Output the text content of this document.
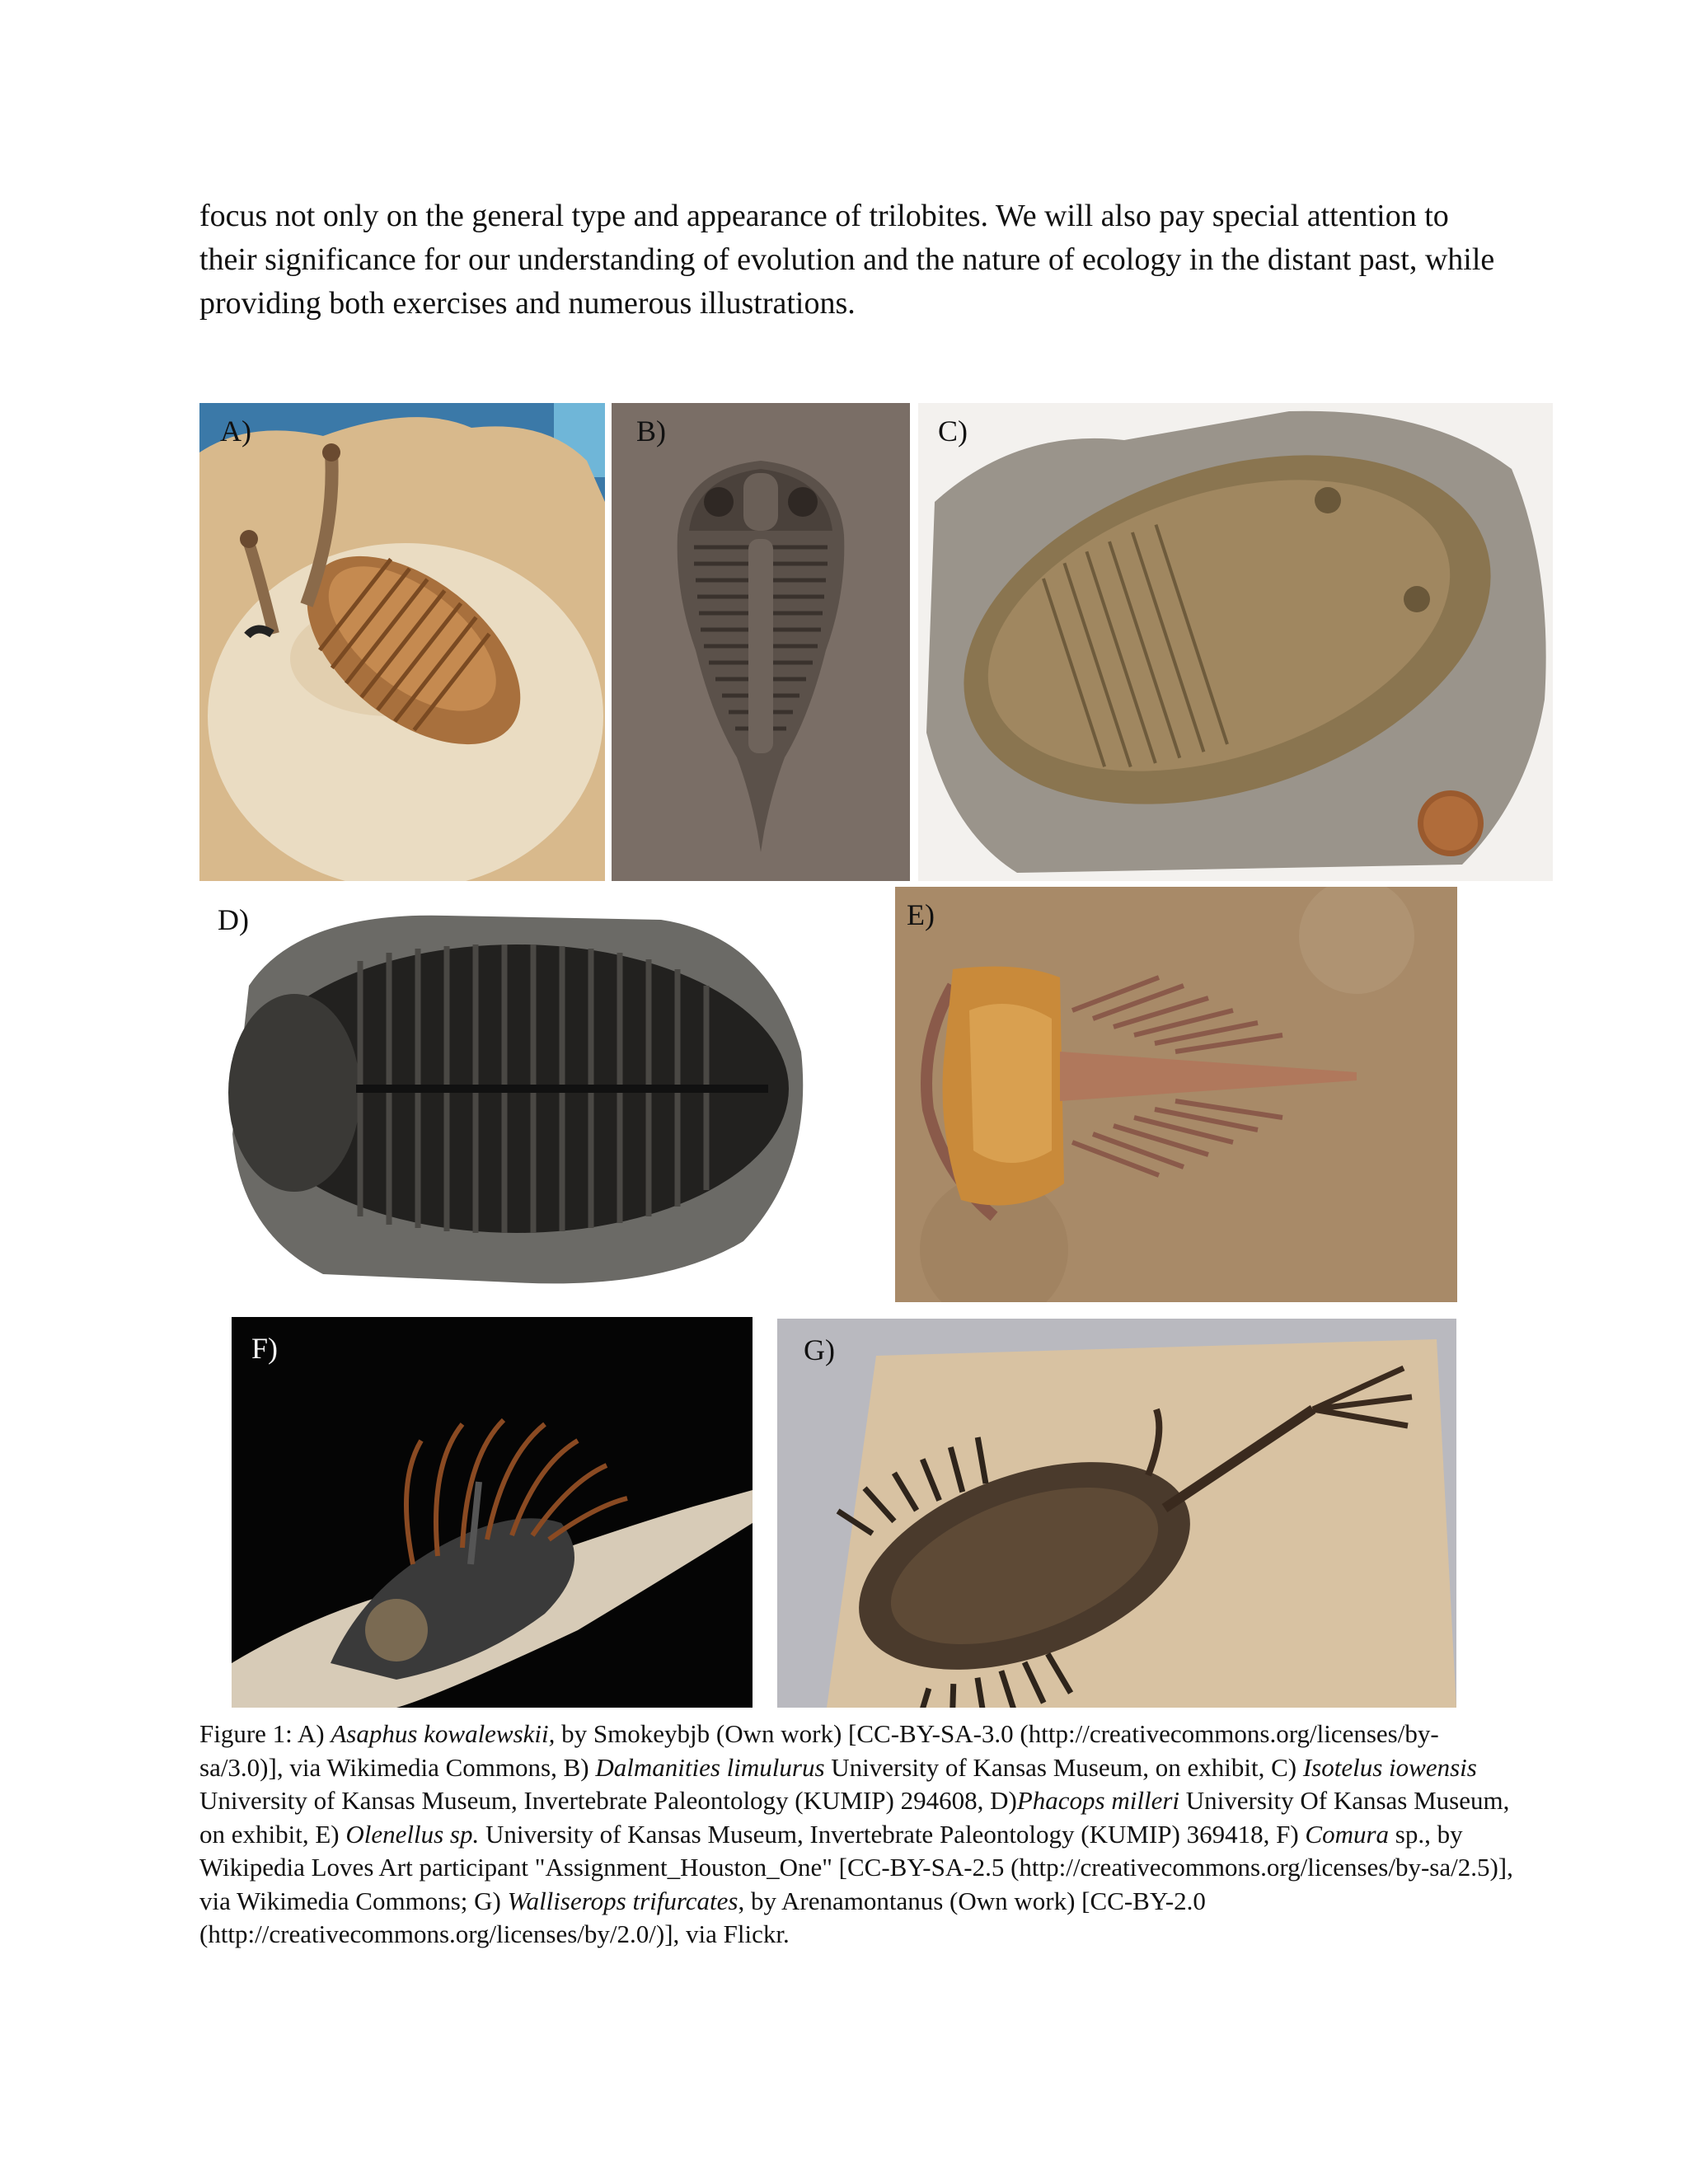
focus not only on the general type and appearance of trilobites. We will also pay special attention to their significance for our understanding of evolution and the nature of ecology in the distant past, while providing both exercises and numerous illustrations.

A)	B)	C)
D)	E)
F)	G)

Figure 1: A) Asaphus kowalewskii, by Smokeybjb (Own work) [CC-BY-SA-3.0 (http://creativecommons.org/licenses/by-sa/3.0)], via Wikimedia Commons, B) Dalmanities limulurus University of Kansas Museum, on exhibit, C) Isotelus iowensis University of Kansas Museum, Invertebrate Paleontology (KUMIP) 294608, D)Phacops milleri University Of Kansas Museum, on exhibit, E) Olenellus sp. University of Kansas Museum, Invertebrate Paleontology (KUMIP) 369418, F) Comura sp., by Wikipedia Loves Art participant "Assignment_Houston_One" [CC-BY-SA-2.5 (http://creativecommons.org/licenses/by-sa/2.5)], via Wikimedia Commons; G) Walliserops trifurcates, by Arenamontanus (Own work) [CC-BY-2.0 (http://creativecommons.org/licenses/by/2.0/)], via Flickr.
